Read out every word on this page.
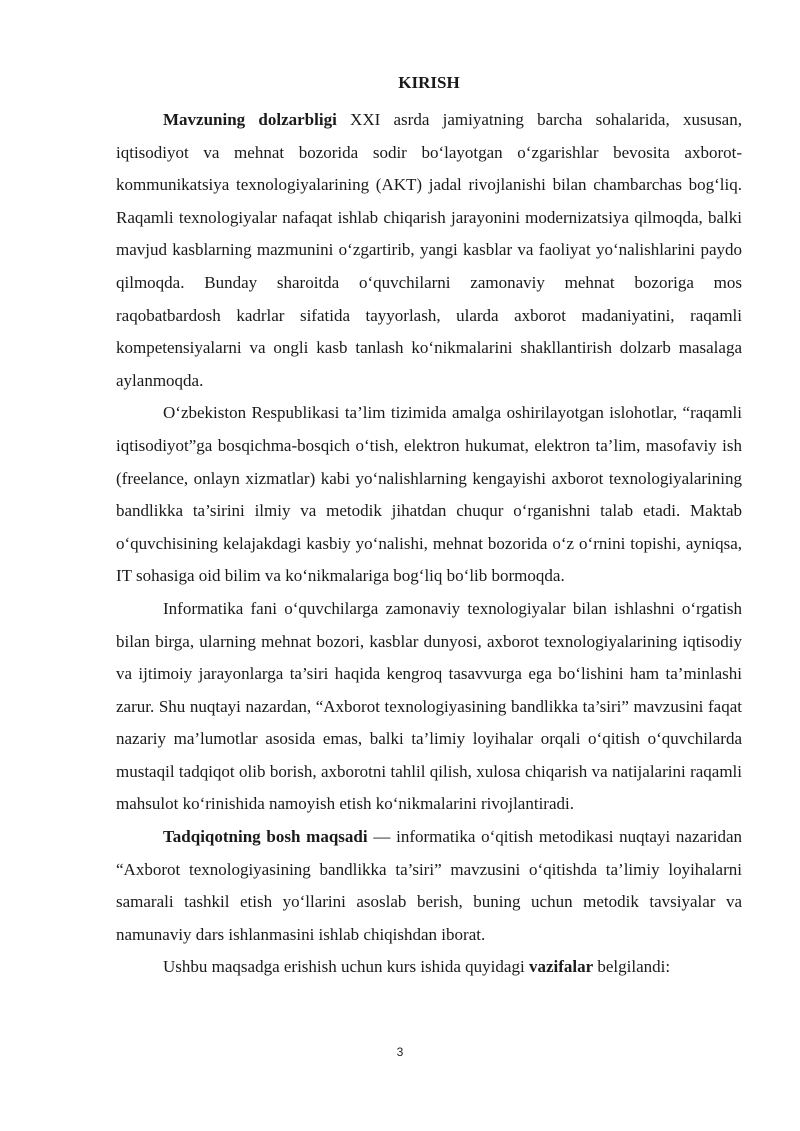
KIRISH

Mavzuning dolzarbligi XXI asrda jamiyatning barcha sohalarida, xususan, iqtisodiyot va mehnat bozorida sodir bo‘layotgan o‘zgarishlar bevosita axborot-kommunikatsiya texnologiyalarining (AKT) jadal rivojlanishi bilan chambarchas bog‘liq. Raqamli texnologiyalar nafaqat ishlab chiqarish jarayonini modernizatsiya qilmoqda, balki mavjud kasblarning mazmunini o‘zgartirib, yangi kasblar va faoliyat yo‘nalishlarini paydo qilmoqda. Bunday sharoitda o‘quvchilarni zamonaviy mehnat bozoriga mos raqobatbardosh kadrlar sifatida tayyorlash, ularda axborot madaniyatini, raqamli kompetensiyalarni va ongli kasb tanlash ko‘nikmalarini shakllantirish dolzarb masalaga aylanmoqda.

O‘zbekiston Respublikasi ta’lim tizimida amalga oshirilayotgan islohotlar, “raqamli iqtisodiyot”ga bosqichma-bosqich o‘tish, elektron hukumat, elektron ta’lim, masofaviy ish (freelance, onlayn xizmatlar) kabi yo‘nalishlarning kengayishi axborot texnologiyalarining bandlikka ta’sirini ilmiy va metodik jihatdan chuqur o‘rganishni talab etadi. Maktab o‘quvchisining kelajakdagi kasbiy yo‘nalishi, mehnat bozorida o‘z o‘rnini topishi, ayniqsa, IT sohasiga oid bilim va ko‘nikmalariga bog‘liq bo‘lib bormoqda.

Informatika fani o‘quvchilarga zamonaviy texnologiyalar bilan ishlashni o‘rgatish bilan birga, ularning mehnat bozori, kasblar dunyosi, axborot texnologiyalarining iqtisodiy va ijtimoiy jarayonlarga ta’siri haqida kengroq tasavvurga ega bo‘lishini ham ta’minlashi zarur. Shu nuqtayi nazardan, “Axborot texnologiyasining bandlikka ta’siri” mavzusini faqat nazariy ma’lumotlar asosida emas, balki ta’limiy loyihalar orqali o‘qitish o‘quvchilarda mustaqil tadqiqot olib borish, axborotni tahlil qilish, xulosa chiqarish va natijalarini raqamli mahsulot ko‘rinishida namoyish etish ko‘nikmalarini rivojlantiradi.

Tadqiqotning bosh maqsadi — informatika o‘qitish metodikasi nuqtayi nazaridan “Axborot texnologiyasining bandlikka ta’siri” mavzusini o‘qitishda ta’limiy loyihalarni samarali tashkil etish yo‘llarini asoslab berish, buning uchun metodik tavsiyalar va namunaviy dars ishlanmasini ishlab chiqishdan iborat.

Ushbu maqsadga erishish uchun kurs ishida quyidagi vazifalar belgilandi:

3
